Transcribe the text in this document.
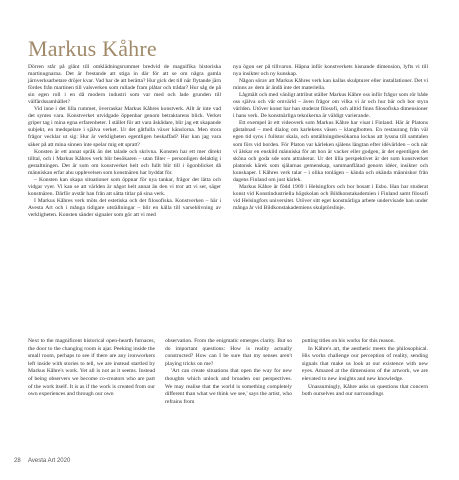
Markus Kåhre

Dörren står på glänt till omklädningsrummet bredvid de magnifika historiska martinugnarna. Det är frestande att stiga in där för att se om några gamla järnverksarbetare dröjer kvar. Vad har de att berätta? Hur gick det till när flytande järn fördes från martinen till valsverken som rullade fram plåtar och trådar? Hur såg de på sin egen roll i en då modern industri som var med och lade grunden till välfärdssamhället?

Vid inne i det lilla rummet, överraskar Markus Kåhres konstverk. Allt är inte vad det syntes vara. Konstverket utvidgade öppenbar genom betraktarens blick. Verket griper tag i mina egna erfarenheter. I stället för att vara åskådare, blir jag ett skapande subjekt, en medspelare i själva verket. Ur det gåtfulla växer känslorna. Men stora frågor vecklar ut sig: Hur är verkligheten egentligen beskaffad? Hur kan jag vara säker på att mina sinnen inte spelar mig ett spratt?

Konsten är ett annat språk än det talade och skrivna. Konsten har ett mer direkt tilltal, och i Markus Kåhres verk blir besökaren – utan filter – personligen delaktig i gestaltningen. Det är som om konstverket helt och fullt blir till i ögonblicket då människan erfar ahu upplevelsen som konstnären har byddat för.

– Konsten kan skapa situationer som öppnar för nya tankar, frågor det lätta och vidgar vyer. Vi kan se att världen är något helt annat än den vi tror att vi ser, säger konstnären. Därför avstår han från att sätta titlar på sina verk.

I Markus Kåhres verk möts det estetiska och det filosofiska. Konstverken – här i Avesta Art och i många tidigare utställningar – blir en källa till varseblivning av verkligheten. Konsten sänder signaler som gör att vi med

nya ögon ser på tillvaron. Häpna inför konstverkets hisnande dimension, lyfts vi till nya insikter och ny kunskap.

Någon sörav att Markus Kåhres verk kan kallas skulpturer eller installationer. Det vi minns av dem är ändå inte det materiella.

Lågmält och med vänligt attribut ställer Markus Kåhre oss inför frågor som rör både oss själva och vår omvärld – även frågor om vilka vi är och hur bär och bor styra världen. Utöver konst har han studerat filosofi, och alltid finns filosofiska dimensioner i hans verk. De konstnärliga teknikerna är väldigt varierande.

Ett exempel är ett videoverk som Markus Kåhre har visat i Finland. Här är Platons gåstabnad – med dialog om karlekens väsen – klanglbotten. En restaurang från väl egen tid syns i fullstor skala, och utställningsbesökarna lockas att lyssna till samtalen som förs vid borden. För Platon var kärleken själens längtan efter idévärlden – och när vi älskar en enskild människa för att hon är vacker eller godgen, är det egentligen det sköna och goda sde som attraherar. Ur det lilla perspektivet är det som konstverket platonsk kärek som själarnas gemenskap, sammanflätad genom idéer, insikter och kunskaper. I Kåhres verk talar – i olika tonlägen – kända och okända människor från dagens Finland om just kärlek.

Markus Kåhre är född 1969 i Helsingfors och bor bosatt i Esbo. Han har studerat konst vid Konstindustriella högskolan och Bildkonstakademien i Finland samt filosofi vid Helsingfors universitet. Utöver sitt eget konstnärliga arbete undervisade han under många år vid Bildkonstakademiens skulptörslinje.

Next to the magnificent historical open-hearth furnaces, the door to the changing room is ajar. Peeking inside the small room, perhaps to see if there are any ironworkers left inside with stories to tell, we are instead startled by Markus Kåhre's work. Yet all is not as it seems. Instead of being observers we become co-creators who are part of the work itself. It is as if the work is created from our own experiences and through our own

observation. From the enigmatic emerges clarity. But so do important questions: How is reality actually constructed? How can I be sure that my senses aren't playing tricks on me?

'Art can create situations that open the way for new thoughts which unlock and broaden our perspectives. We may realise that the world is something completely different than what we think we see,' says the artist, who refrains from

putting titles on his works for this reason.

In Kåhre's art, the aesthetic meets the philosophical. His works challenge our perception of reality, sending signals that make us look at our existence with new eyes. Amazed at the dimensions of the artwork, we are elevated to new insights and new knowledge.

Unassumingly, Kåhre asks us questions that concern both ourselves and our surroundings

28 Avesta Art 2020
